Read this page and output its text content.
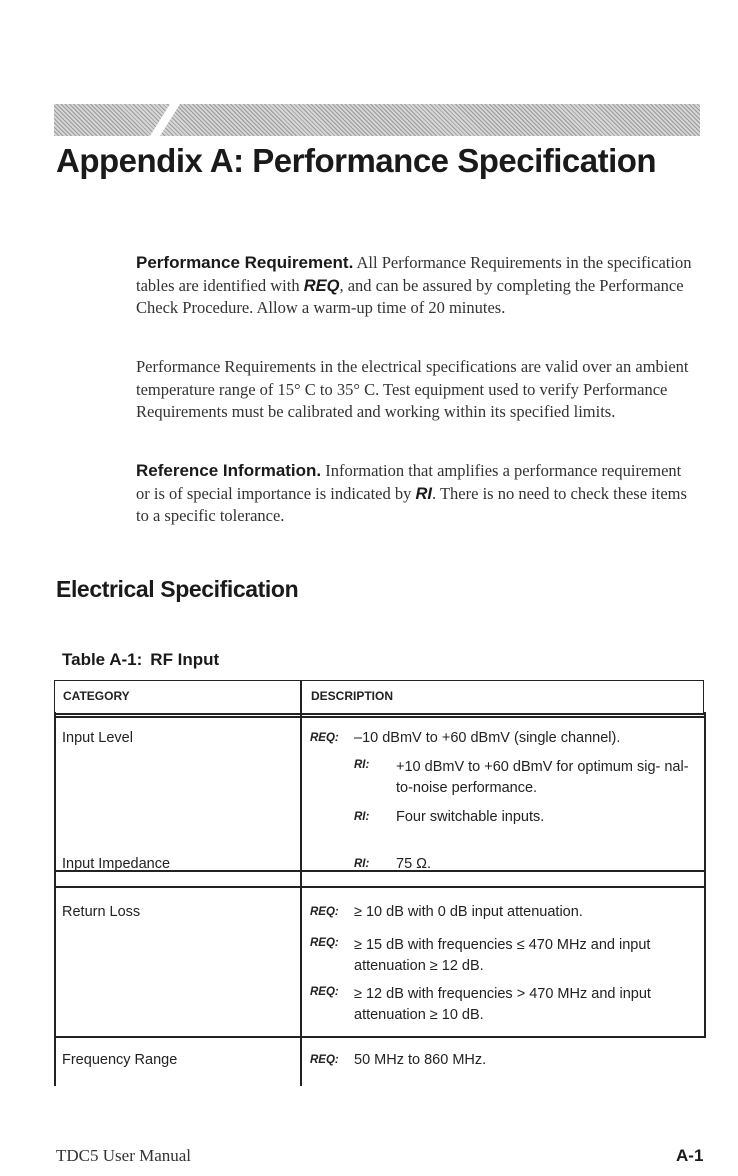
Appendix A: Performance Specification

Performance Requirement. All Performance Requirements in the specification tables are identified with REQ, and can be assured by completing the Performance Check Procedure. Allow a warm-up time of 20 minutes.

Performance Requirements in the electrical specifications are valid over an ambient temperature range of 15° C to 35° C. Test equipment used to verify Performance Requirements must be calibrated and working within its specified limits.

Reference Information. Information that amplifies a performance requirement or is of special importance is indicated by RI. There is no need to check these items to a specific tolerance.

Electrical Specification

Table A-1: RF Input

CATEGORY	DESCRIPTION
Input Level	REQ: –10 dBmV to +60 dBmV (single channel).
RI: +10 dBmV to +60 dBmV for optimum sig- nal-to-noise performance.
RI: Four switchable inputs.
Input Impedance	RI: 75 Ω.
Return Loss	REQ: ≥ 10 dB with 0 dB input attenuation.
REQ: ≥ 15 dB with frequencies ≤ 470 MHz and input attenuation ≥ 12 dB.
REQ: ≥ 12 dB with frequencies > 470 MHz and input attenuation ≥ 10 dB.
Frequency Range	REQ: 50 MHz to 860 MHz.
TDC5 User Manual	A-1
